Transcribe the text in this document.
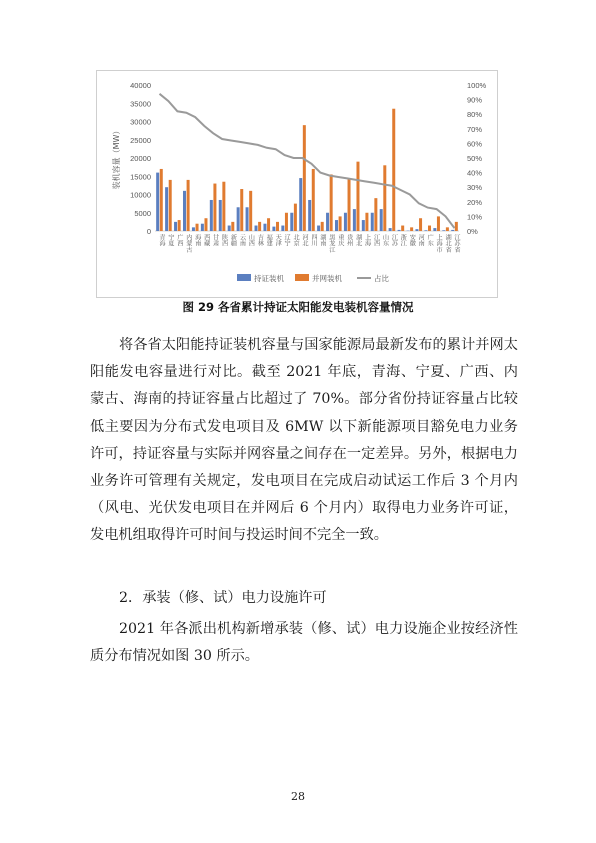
0
5000
10000
15000
20000
25000
30000
35000
40000
0%
10%
20%
30%
40%
50%
60%
70%
80%
90%
100%
装机容量（MW）
青海 宁夏 广西 内蒙古 海南 西藏 甘肃 陕西 新疆 云南 山西 吉林 福建 天津 辽宁 北京 河北 四川 湖南 黑龙江 重庆 贵州 湖北 上海 江西 山东 江苏 浙江 安徽 河南 广东 上海市 湖北省 江苏省
持证装机	并网装机	占比
图 29 各省累计持证太阳能发电装机容量情况

将各省太阳能持证装机容量与国家能源局最新发布的累计并网太阳能发电容量进行对比。截至 2021 年底，青海、宁夏、广西、内蒙古、海南的持证容量占比超过了 70%。部分省份持证容量占比较低主要因为分布式发电项目及 6MW 以下新能源项目豁免电力业务许可，持证容量与实际并网容量之间存在一定差异。另外，根据电力业务许可管理有关规定，发电项目在完成启动试运工作后 3 个月内（风电、光伏发电项目在并网后 6 个月内）取得电力业务许可证，发电机组取得许可时间与投运时间不完全一致。

2．承装（修、试）电力设施许可

2021 年各派出机构新增承装（修、试）电力设施企业按经济性质分布情况如图 30 所示。

28
